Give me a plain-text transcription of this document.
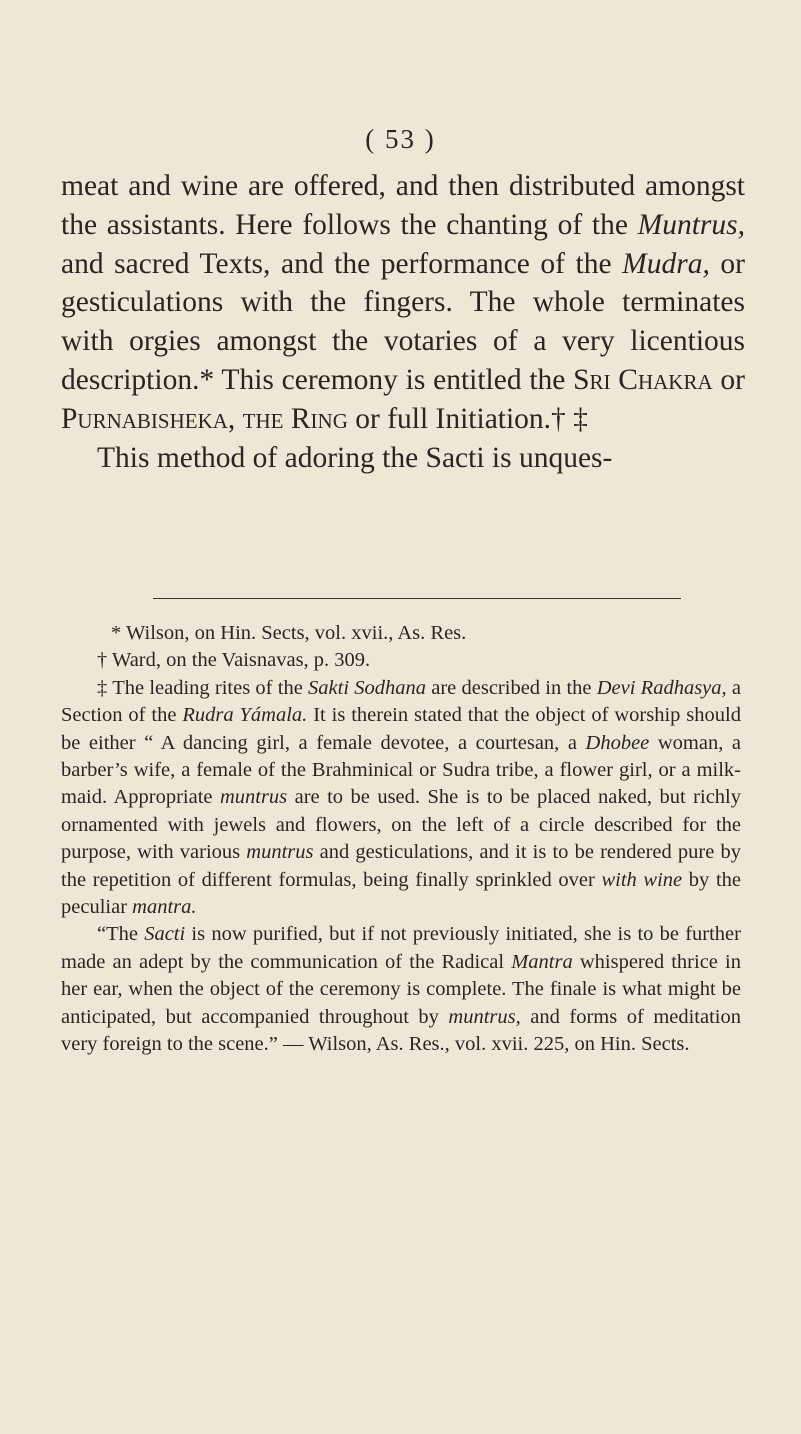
( 53 )

meat and wine are offered, and then distributed amongst the assistants. Here follows the chanting of the Muntrus, and sacred Texts, and the performance of the Mudra, or gesticulations with the fingers. The whole terminates with orgies amongst the votaries of a very licentious description.* This ceremony is entitled the Sri Chakra or Purnabisheka, the Ring or full Initiation.† ‡

This method of adoring the Sacti is unques-

* Wilson, on Hin. Sects, vol. xvii., As. Res.

† Ward, on the Vaisnavas, p. 309.

‡ The leading rites of the Sakti Sodhana are described in the Devi Radhasya, a Section of the Rudra Yámala. It is therein stated that the object of worship should be either “ A dancing girl, a female devotee, a courtesan, a Dhobee woman, a barber’s wife, a female of the Brahminical or Sudra tribe, a flower girl, or a milk-maid. Appropriate muntrus are to be used. She is to be placed naked, but richly ornamented with jewels and flowers, on the left of a circle described for the purpose, with various muntrus and gesticulations, and it is to be rendered pure by the repetition of different formulas, being finally sprinkled over with wine by the peculiar mantra.

“The Sacti is now purified, but if not previously initiated, she is to be further made an adept by the communication of the Radical Mantra whispered thrice in her ear, when the object of the ceremony is complete. The finale is what might be anticipated, but accompanied throughout by muntrus, and forms of meditation very foreign to the scene.” — Wilson, As. Res., vol. xvii. 225, on Hin. Sects.
